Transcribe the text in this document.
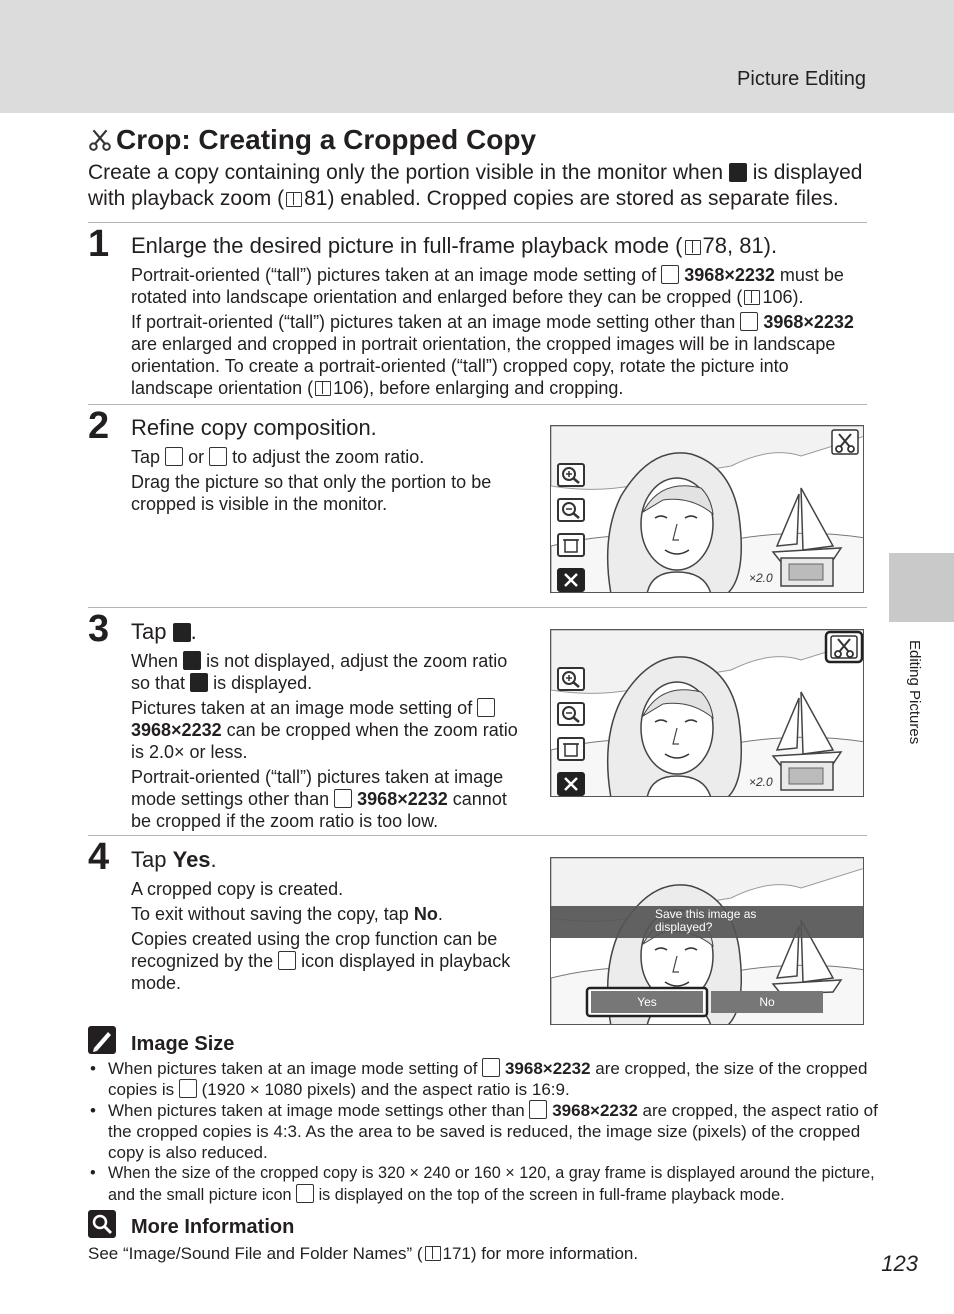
Picture Editing
Editing Pictures
Crop: Creating a Cropped Copy
Create a copy containing only the portion visible in the monitor when is displayed with playback zoom ( 81) enabled. Cropped copies are stored as separate files.
1 Enlarge the desired picture in full-frame playback mode ( 78, 81).

Portrait-oriented (“tall”) pictures taken at an image mode setting of 3968×2232 must be rotated into landscape orientation and enlarged before they can be cropped ( 106).

If portrait-oriented (“tall”) pictures taken at an image mode setting other than 3968×2232 are enlarged and cropped in portrait orientation, the cropped images will be in landscape orientation. To create a portrait-oriented (“tall”) cropped copy, rotate the picture into landscape orientation ( 106), before enlarging and cropping.

2 Refine copy composition.

Tap or to adjust the zoom ratio.

Drag the picture so that only the portion to be cropped is visible in the monitor.

×2.0
3 Tap .

When is not displayed, adjust the zoom ratio so that is displayed.

Pictures taken at an image mode setting of  3968×2232 can be cropped when the zoom ratio is 2.0× or less.

Portrait-oriented (“tall”) pictures taken at image mode settings other than 3968×2232 cannot be cropped if the zoom ratio is too low.

×2.0
4 Tap Yes.

A cropped copy is created.

To exit without saving the copy, tap No.

Copies created using the crop function can be recognized by the icon displayed in playback mode.

Save this image as
displayed?
Yes	No
Image Size
• When pictures taken at an image mode setting of 3968×2232 are cropped, the size of the cropped copies is (1920 × 1080 pixels) and the aspect ratio is 16:9.
• When pictures taken at image mode settings other than 3968×2232 are cropped, the aspect ratio of the cropped copies is 4:3. As the area to be saved is reduced, the image size (pixels) of the cropped copy is also reduced.
• When the size of the cropped copy is 320 × 240 or 160 × 120, a gray frame is displayed around the picture, and the small picture icon is displayed on the top of the screen in full-frame playback mode.
More Information
See “Image/Sound File and Folder Names” ( 171) for more information.	123
